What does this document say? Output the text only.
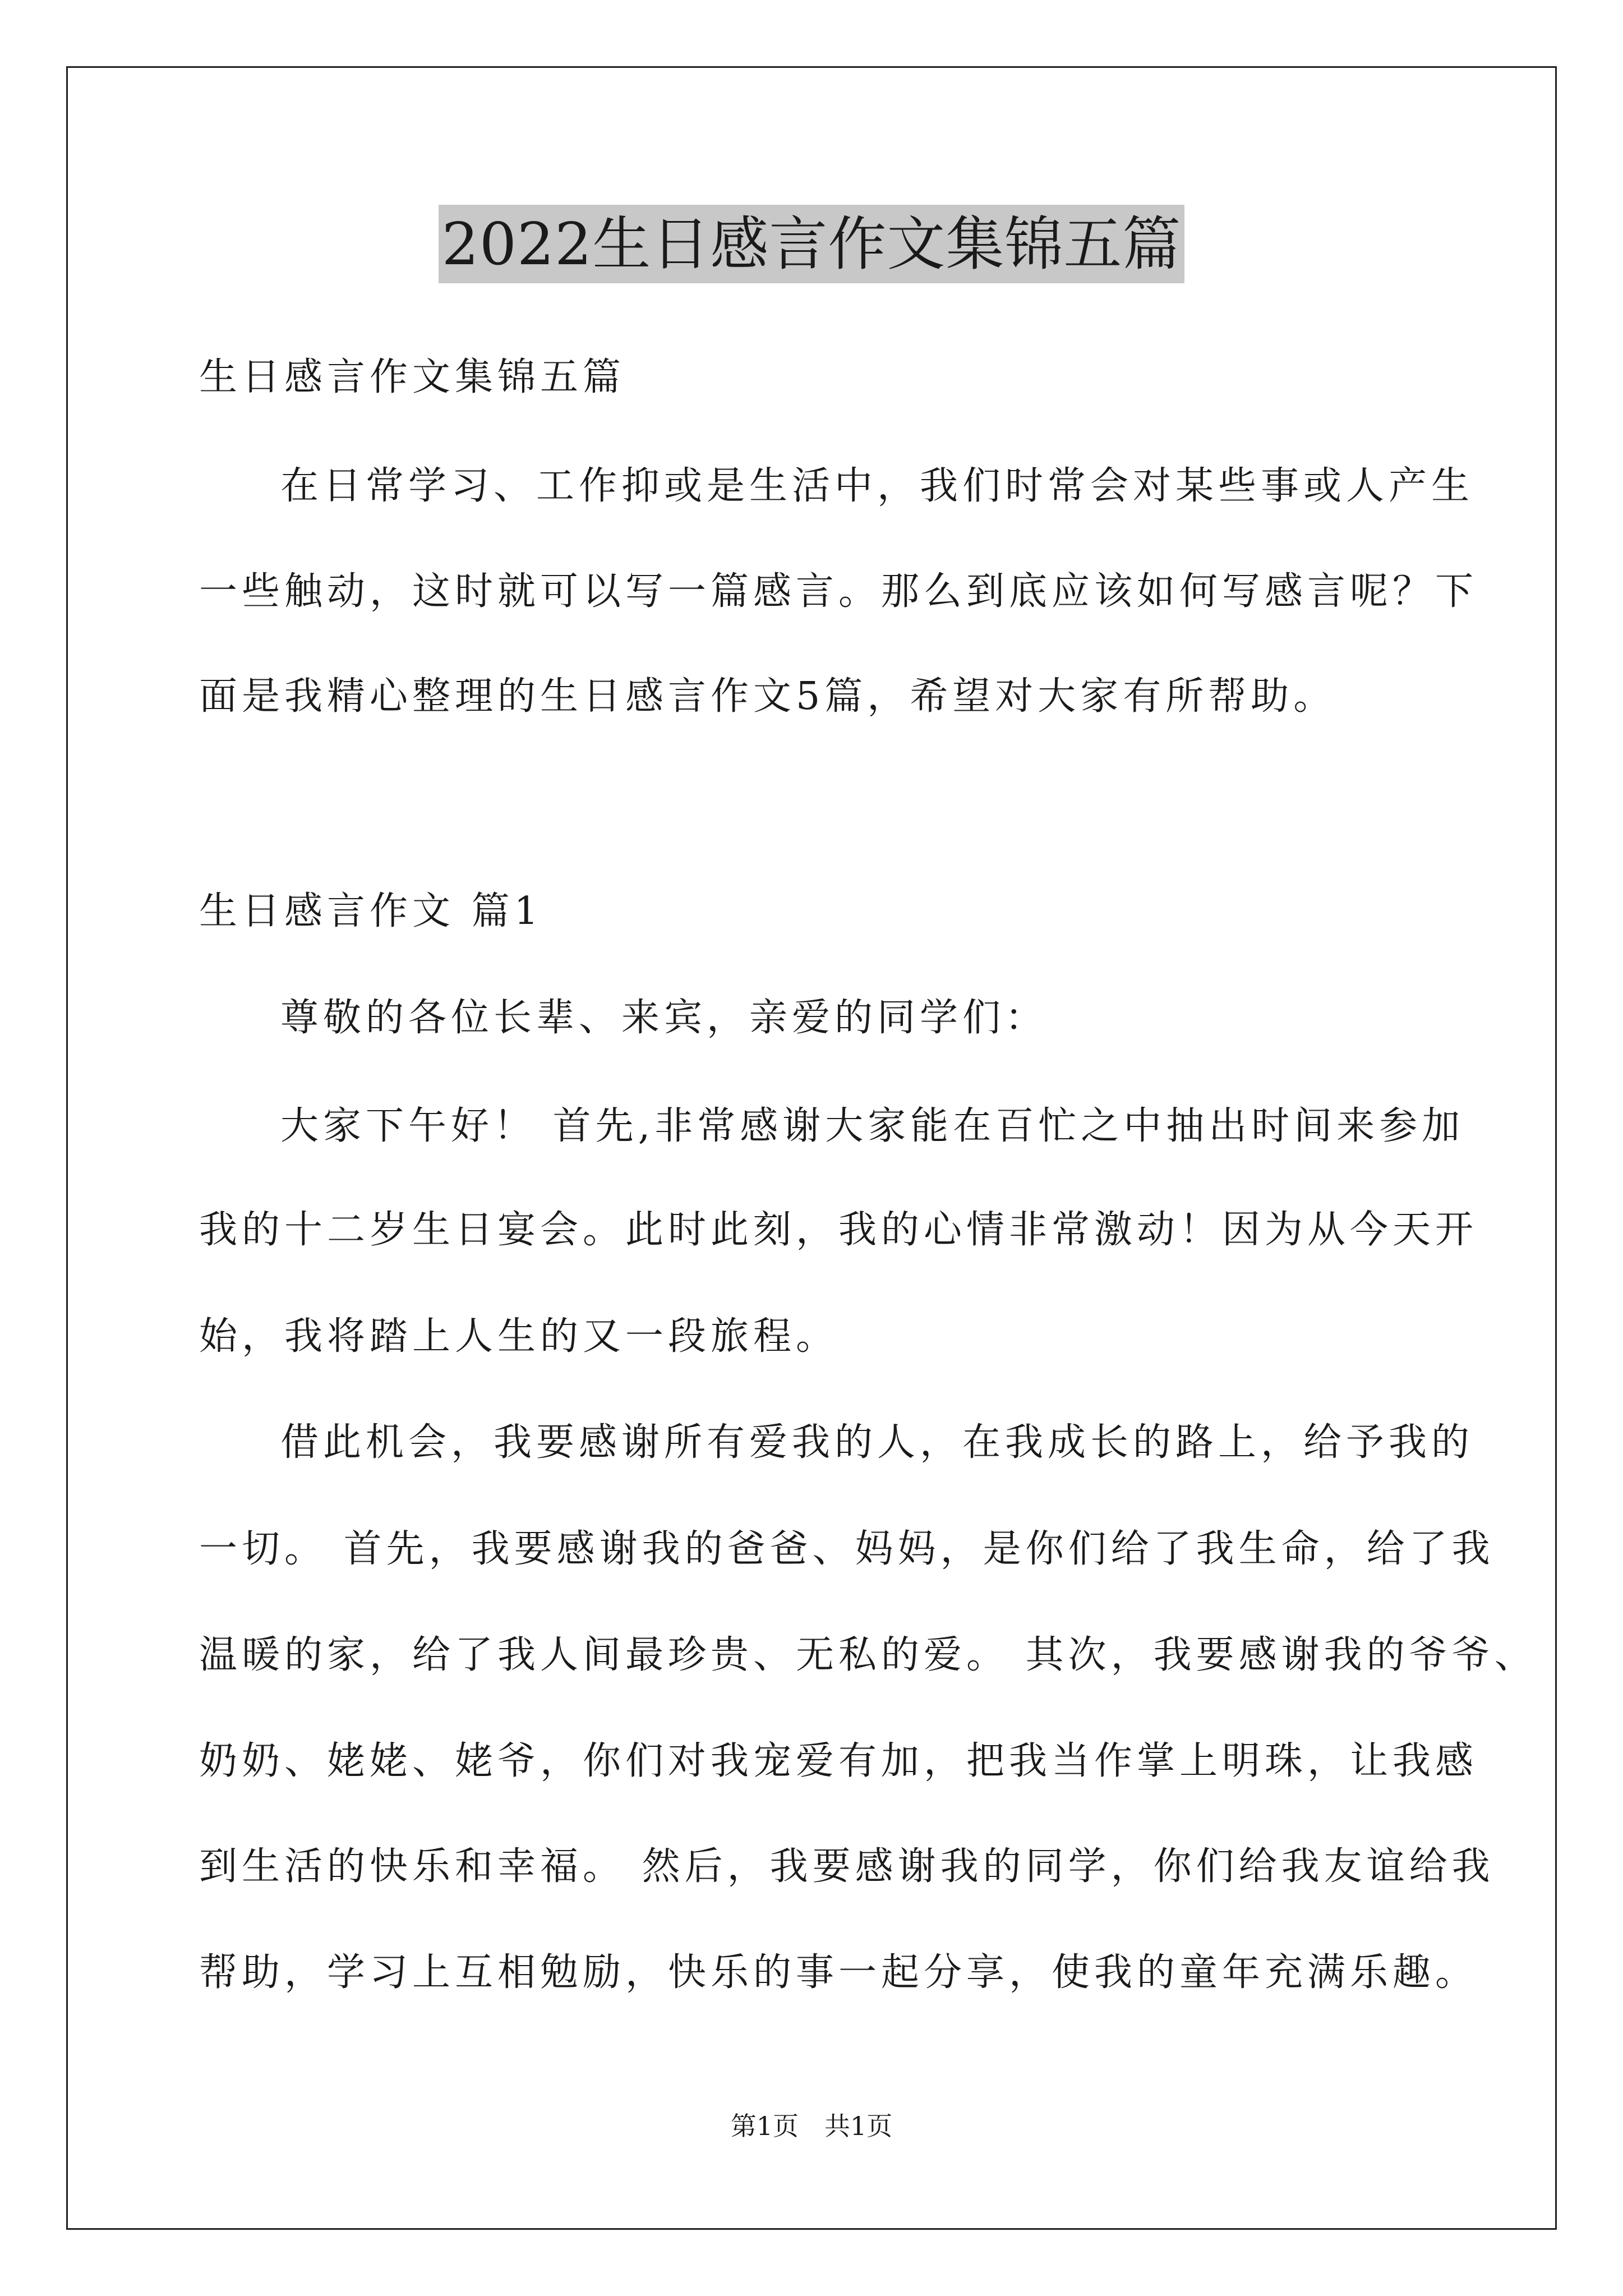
2022生日感言作文集锦五篇
生日感言作文集锦五篇
在日常学习、工作抑或是生活中，我们时常会对某些事或人产生
一些触动，这时就可以写一篇感言。那么到底应该如何写感言呢？下
面是我精心整理的生日感言作文5篇，希望对大家有所帮助。
生日感言作文 篇1
尊敬的各位长辈、来宾，亲爱的同学们：
大家下午好！ 首先,非常感谢大家能在百忙之中抽出时间来参加
我的十二岁生日宴会。此时此刻，我的心情非常激动！因为从今天开
始，我将踏上人生的又一段旅程。
借此机会，我要感谢所有爱我的人，在我成长的路上，给予我的
一切。 首先，我要感谢我的爸爸、妈妈，是你们给了我生命，给了我
温暖的家，给了我人间最珍贵、无私的爱。 其次，我要感谢我的爷爷、
奶奶、姥姥、姥爷，你们对我宠爱有加，把我当作掌上明珠，让我感
到生活的快乐和幸福。 然后，我要感谢我的同学，你们给我友谊给我
帮助，学习上互相勉励，快乐的事一起分享，使我的童年充满乐趣。
第1页　共1页
